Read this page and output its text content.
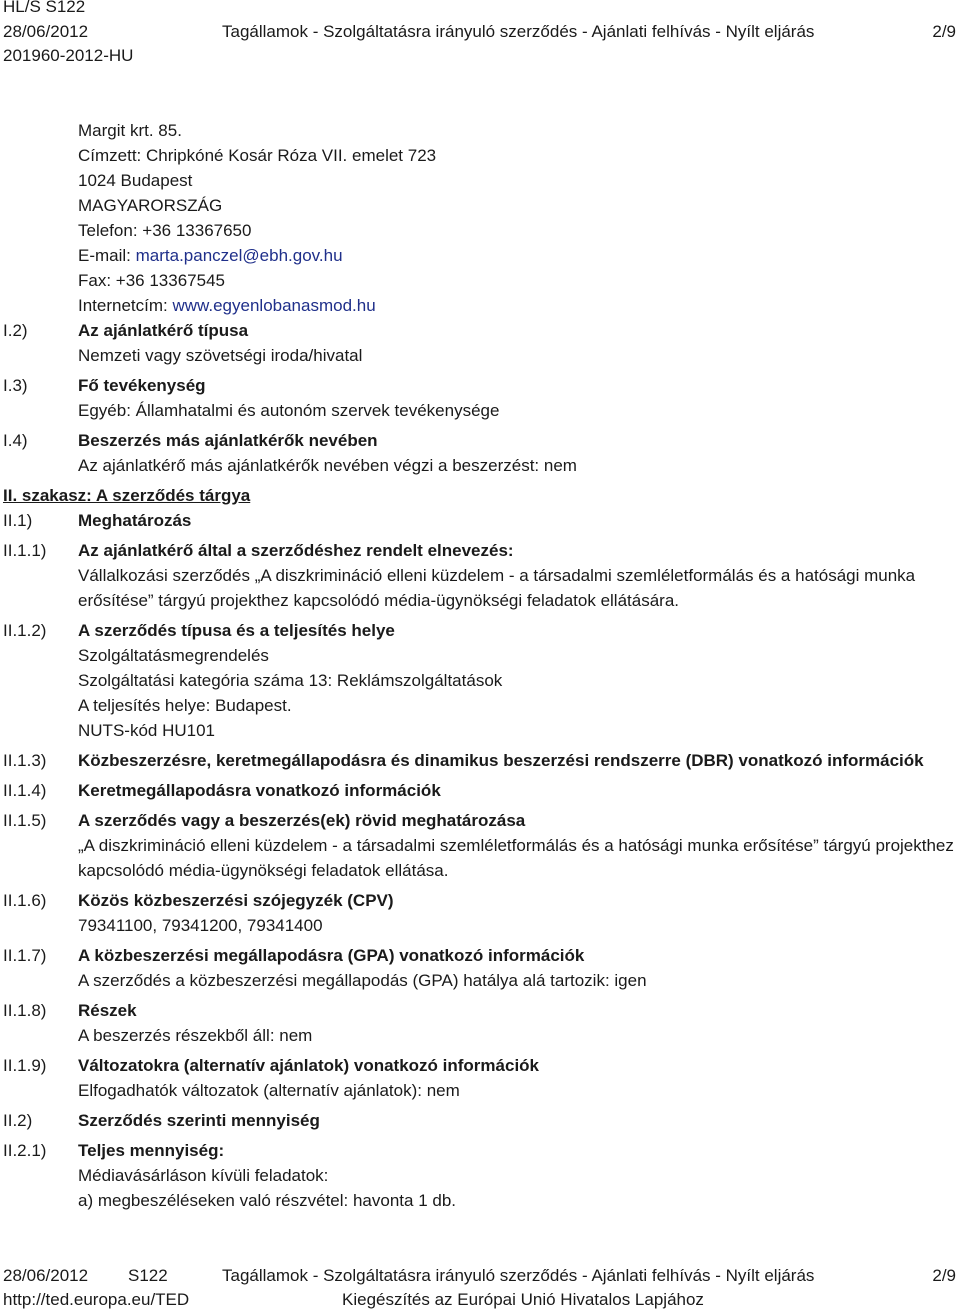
HL/S S122
28/06/2012
201960-2012-HU
Tagállamok - Szolgáltatásra irányuló szerződés - Ajánlati felhívás - Nyílt eljárás	2/9
Margit krt. 85.
Címzett: Chripkóné Kosár Róza VII. emelet 723
1024 Budapest
MAGYARORSZÁG
Telefon: +36 13367650
E-mail: marta.panczel@ebh.gov.hu
Fax: +36 13367545
Internetcím: www.egyenlobanasmod.hu
I.2)	Az ajánlatkérő típusa
Nemzeti vagy szövetségi iroda/hivatal
I.3)	Fő tevékenység
Egyéb: Államhatalmi és autonóm szervek tevékenysége
I.4)	Beszerzés más ajánlatkérők nevében
Az ajánlatkérő más ajánlatkérők nevében végzi a beszerzést: nem
II. szakasz: A szerződés tárgya
II.1)	Meghatározás
II.1.1) Az ajánlatkérő által a szerződéshez rendelt elnevezés:
Vállalkozási szerződés „A diszkrimináció elleni küzdelem - a társadalmi szemléletformálás és a hatósági munka erősítése” tárgyú projekthez kapcsolódó média-ügynökségi feladatok ellátására.
II.1.2) A szerződés típusa és a teljesítés helye
Szolgáltatásmegrendelés
Szolgáltatási kategória száma 13: Reklámszolgáltatások
A teljesítés helye: Budapest.
NUTS-kód HU101
II.1.3) Közbeszerzésre, keretmegállapodásra és dinamikus beszerzési rendszerre (DBR) vonatkozó információk
II.1.4) Keretmegállapodásra vonatkozó információk
II.1.5) A szerződés vagy a beszerzés(ek) rövid meghatározása
„A diszkrimináció elleni küzdelem - a társadalmi szemléletformálás és a hatósági munka erősítése” tárgyú projekthez kapcsolódó média-ügynökségi feladatok ellátása.
II.1.6) Közös közbeszerzési szójegyzék (CPV)
79341100, 79341200, 79341400
II.1.7) A közbeszerzési megállapodásra (GPA) vonatkozó információk
A szerződés a közbeszerzési megállapodás (GPA) hatálya alá tartozik: igen
II.1.8) Részek
A beszerzés részekből áll: nem
II.1.9) Változatokra (alternatív ajánlatok) vonatkozó információk
Elfogadhatók változatok (alternatív ajánlatok): nem
II.2)	Szerződés szerinti mennyiség
II.2.1) Teljes mennyiség:
Médiavásárláson kívüli feladatok:
a) megbeszéléseken való részvétel: havonta 1 db.
28/06/2012 S122	Tagállamok - Szolgáltatásra irányuló szerződés - Ajánlati felhívás - Nyílt eljárás	2/9
http://ted.europa.eu/TED	Kiegészítés az Európai Unió Hivatalos Lapjához
